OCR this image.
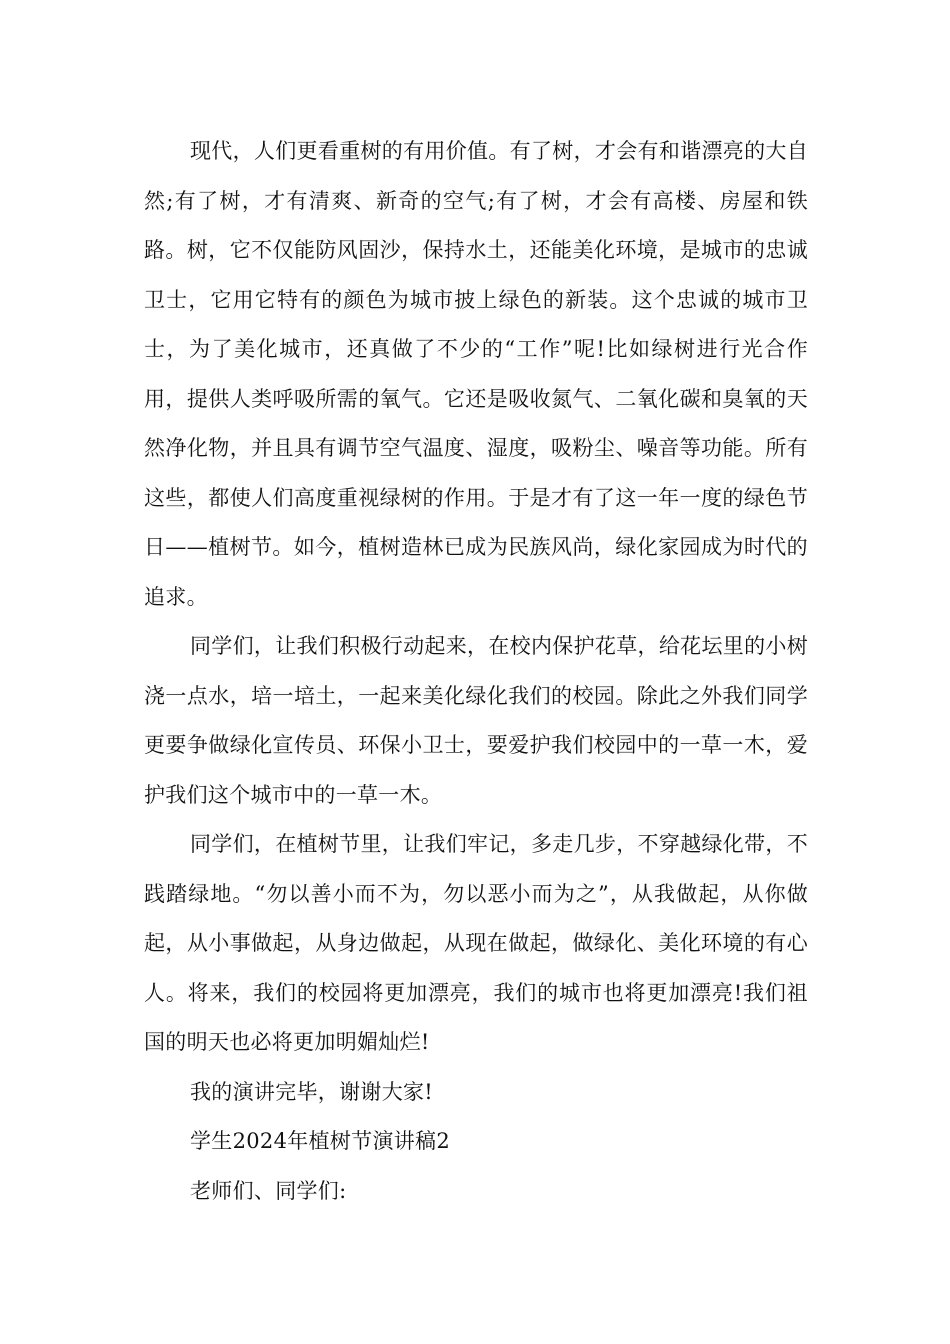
现代，人们更看重树的有用价值。有了树，才会有和谐漂亮的大自然;有了树，才有清爽、新奇的空气;有了树，才会有高楼、房屋和铁路。树，它不仅能防风固沙，保持水土，还能美化环境，是城市的忠诚卫士，它用它特有的颜色为城市披上绿色的新装。这个忠诚的城市卫士，为了美化城市，还真做了不少的“工作”呢!比如绿树进行光合作用，提供人类呼吸所需的氧气。它还是吸收氮气、二氧化碳和臭氧的天然净化物，并且具有调节空气温度、湿度，吸粉尘、噪音等功能。所有这些，都使人们高度重视绿树的作用。于是才有了这一年一度的绿色节日——植树节。如今，植树造林已成为民族风尚，绿化家园成为时代的追求。

同学们，让我们积极行动起来，在校内保护花草，给花坛里的小树浇一点水，培一培土，一起来美化绿化我们的校园。除此之外我们同学更要争做绿化宣传员、环保小卫士，要爱护我们校园中的一草一木，爱护我们这个城市中的一草一木。

同学们，在植树节里，让我们牢记，多走几步，不穿越绿化带，不践踏绿地。“勿以善小而不为，勿以恶小而为之”，从我做起，从你做起，从小事做起，从身边做起，从现在做起，做绿化、美化环境的有心人。将来，我们的校园将更加漂亮，我们的城市也将更加漂亮!我们祖国的明天也必将更加明媚灿烂!

我的演讲完毕，谢谢大家!

学生2024年植树节演讲稿2

老师们、同学们:
